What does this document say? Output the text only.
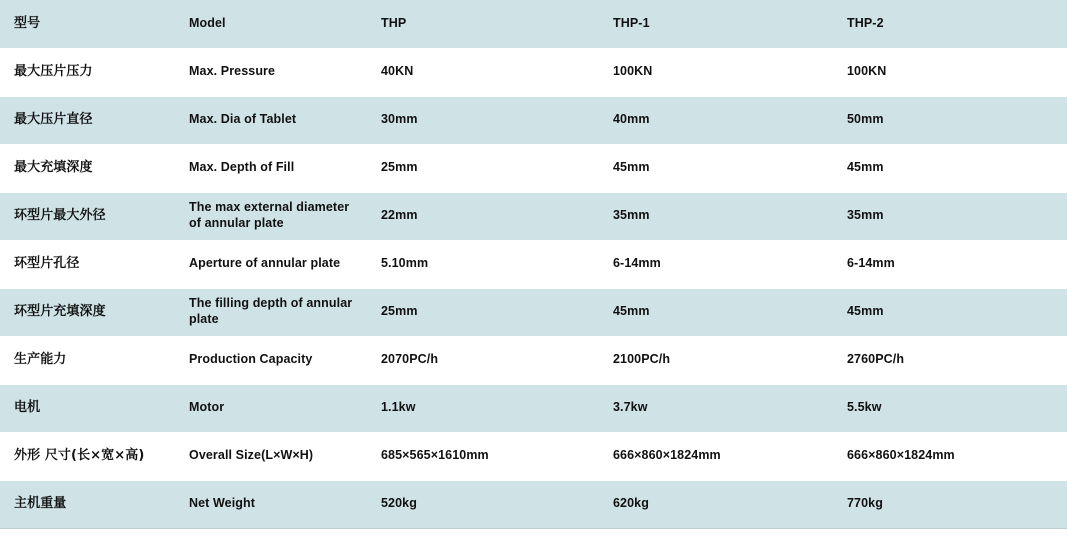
型号	Model	THP	THP-1	THP-2
最大压片压力	Max. Pressure	40KN	100KN	100KN
最大压片直径	Max. Dia of Tablet	30mm	40mm	50mm
最大充填深度	Max. Depth of Fill	25mm	45mm	45mm
环型片最大外径	The max external diameter of annular plate	22mm	35mm	35mm
环型片孔径	Aperture of annular plate	5.10mm	6-14mm	6-14mm
环型片充填深度	The filling depth of annular plate	25mm	45mm	45mm
生产能力	Production Capacity	2070PC/h	2100PC/h	2760PC/h
电机	Motor	1.1kw	3.7kw	5.5kw
外形 尺寸(长×宽×高)	Overall Size(L×W×H)	685×565×1610mm	666×860×1824mm	666×860×1824mm
主机重量	Net Weight	520kg	620kg	770kg
